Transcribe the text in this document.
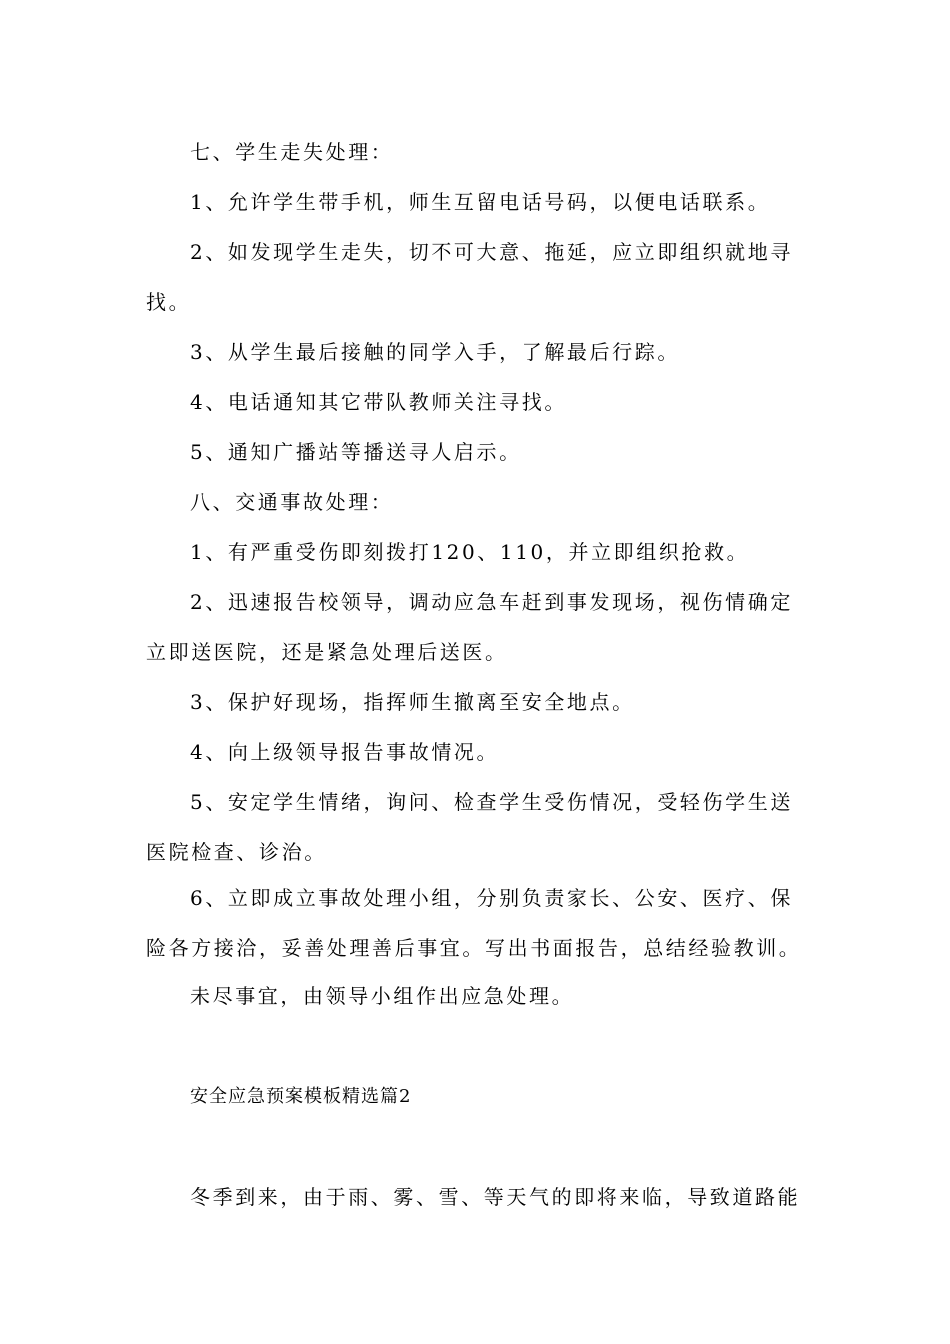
七、学生走失处理：
1、允许学生带手机，师生互留电话号码，以便电话联系。
2、如发现学生走失，切不可大意、拖延，应立即组织就地寻找。
3、从学生最后接触的同学入手，了解最后行踪。
4、电话通知其它带队教师关注寻找。
5、通知广播站等播送寻人启示。
八、交通事故处理：
1、有严重受伤即刻拨打120、110，并立即组织抢救。
2、迅速报告校领导，调动应急车赶到事发现场，视伤情确定立即送医院，还是紧急处理后送医。
3、保护好现场，指挥师生撤离至安全地点。
4、向上级领导报告事故情况。
5、安定学生情绪，询问、检查学生受伤情况，受轻伤学生送医院检查、诊治。
6、立即成立事故处理小组，分别负责家长、公安、医疗、保险各方接洽，妥善处理善后事宜。写出书面报告，总结经验教训。
未尽事宜，由领导小组作出应急处理。
安全应急预案模板精选篇2
冬季到来，由于雨、雾、雪、等天气的即将来临，导致道路能
